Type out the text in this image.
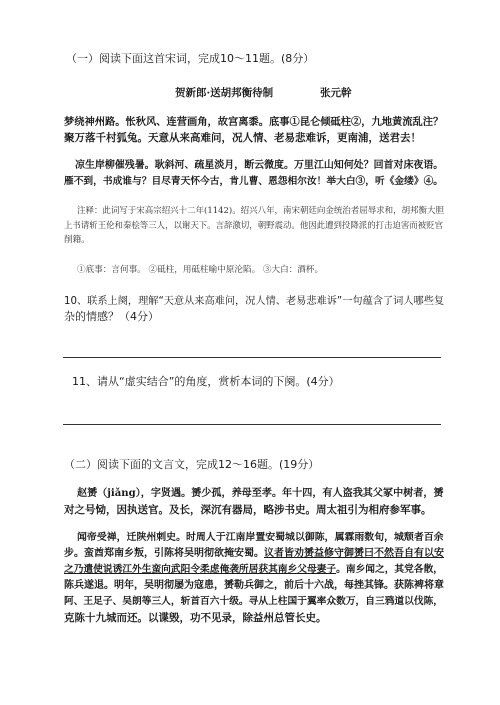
（一）阅读下面这首宋词，完成10～11题。(8分）
贺新郎·送胡邦衡待制	张元幹
梦绕神州路。怅秋风、连营画角，故宫离黍。底事①昆仑倾砥柱②，九地黄流乱注？
聚万落千村狐兔。天意从来高难问，况人情、老易悲难诉，更南浦，送君去！
凉生岸柳催残暑。耿斜河、疏星淡月，断云微度。万里江山知何处？回首对床夜语。
雁不到，书成谁与？目尽青天怀今古，肯儿曹、恩怨相尔汝！举大白③，听《金缕》④。
注释：此词写于宋高宗绍兴十二年(1142)。绍兴八年，南宋朝廷向金统治者屈辱求和，胡邦衡大胆
上书请斩王伦和秦桧等三人，以谢天下。言辞激切，朝野震动。他因此遭到投降派的打击迫害而被贬官
削籍。
①底事：言何事。 ②砥柱，用砥柱喻中原沦陷。 ③大白：酒杯。
10、联系上阕，理解“天意从来高难问，况人情、老易悲难诉”一句蕴含了词人哪些复
杂的情感？（4分）
11、请从“虚实结合”的角度，赏析本词的下阕。(4分）
（二）阅读下面的文言文，完成12～16题。(19分）
赵赟（jiǎng），字贤遇。赟少孤，养母至孝。年十四，有人盗我其父冢中树者，赟
对之号恸，因执送官。及长，深沉有器局，略涉书史。周太祖引为相府参军事。
闻帝受禅，迁陕州刺史。时周人于江南岸置安蜀城以御陈，属霖雨数旬，城颓者百余
步。蛮酋郑南乡叛，引陈将吴明彻欲掩安蜀。议者皆劝赟益修守御赟曰不然吾自有以安
之乃遣使说诱江外生蛮向武阳令柔虑俺袭所居获其南乡父母妻子。南乡闻之，其党各散，
陈兵遂退。明年，吴明彻屡为寇患，赟勒兵御之，前后十六战，每挫其锋。获陈裨将章
阿、王足子、吴朗等三人，斩首百六十级。寻从上柱国于翼率众数万，自三鸦道以伐陈，
克陈十九城而还。以谍毁，功不见录，除益州总管长史。
